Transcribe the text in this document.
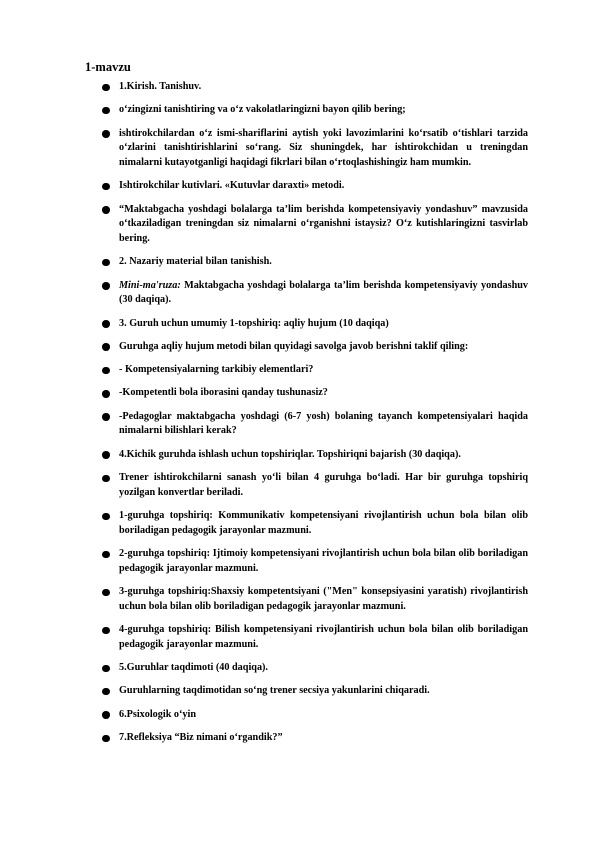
1-mavzu
1.Kirish. Tanishuv.
o‘zingizni tanishtiring va o‘z vakolatlaringizni bayon qilib bering;
ishtirokchilardan o‘z ismi-shariflarini aytish yoki lavozimlarini ko‘rsatib o‘tishlari tarzida o‘zlarini tanishtirishlarini so‘rang. Siz shuningdek, har ishtirokchidan u treningdan nimalarni kutayotganligi haqidagi fikrlari bilan o‘rtoqlashishingiz ham mumkin.
Ishtirokchilar kutivlari. «Kutuvlar daraxti» metodi.
“Maktabgacha yoshdagi bolalarga ta’lim berishda kompetensiyaviy yondashuv” mavzusida o‘tkaziladigan treningdan siz nimalarni o‘rganishni istaysiz? O‘z kutishlaringizni tasvirlab bering.
2. Nazariy material bilan tanishish.
Mini-ma'ruza: Maktabgacha yoshdagi bolalarga ta’lim berishda kompetensiyaviy yondashuv (30 daqiqa).
3. Guruh uchun umumiy 1-topshiriq: aqliy hujum (10 daqiqa)
Guruhga aqliy hujum metodi bilan quyidagi savolga javob berishni taklif qiling:
- Kompetensiyalarning tarkibiy elementlari?
-Kompetentli bola iborasini qanday tushunasiz?
-Pedagoglar maktabgacha yoshdagi (6-7 yosh) bolaning tayanch kompetensiyalari haqida nimalarni bilishlari kerak?
4.Kichik guruhda ishlash uchun topshiriqlar. Topshiriqni bajarish (30 daqiqa).
Trener ishtirokchilarni sanash yo‘li bilan 4 guruhga bo‘ladi. Har bir guruhga topshiriq yozilgan konvertlar beriladi.
1-guruhga topshiriq: Kommunikativ kompetensiyani rivojlantirish uchun bola bilan olib boriladigan pedagogik jarayonlar mazmuni.
2-guruhga topshiriq: Ijtimoiy kompetensiyani rivojlantirish uchun bola bilan olib boriladigan pedagogik jarayonlar mazmuni.
3-guruhga topshiriq:Shaxsiy kompetentsiyani ("Men" konsepsiyasini yaratish) rivojlantirish uchun bola bilan olib boriladigan pedagogik jarayonlar mazmuni.
4-guruhga topshiriq: Bilish kompetensiyani rivojlantirish uchun bola bilan olib boriladigan pedagogik jarayonlar mazmuni.
5.Guruhlar taqdimoti (40 daqiqa).
Guruhlarning taqdimotidan so‘ng trener secsiya yakunlarini chiqaradi.
6.Psixologik o‘yin
7.Refleksiya “Biz nimani o‘rgandik?”
